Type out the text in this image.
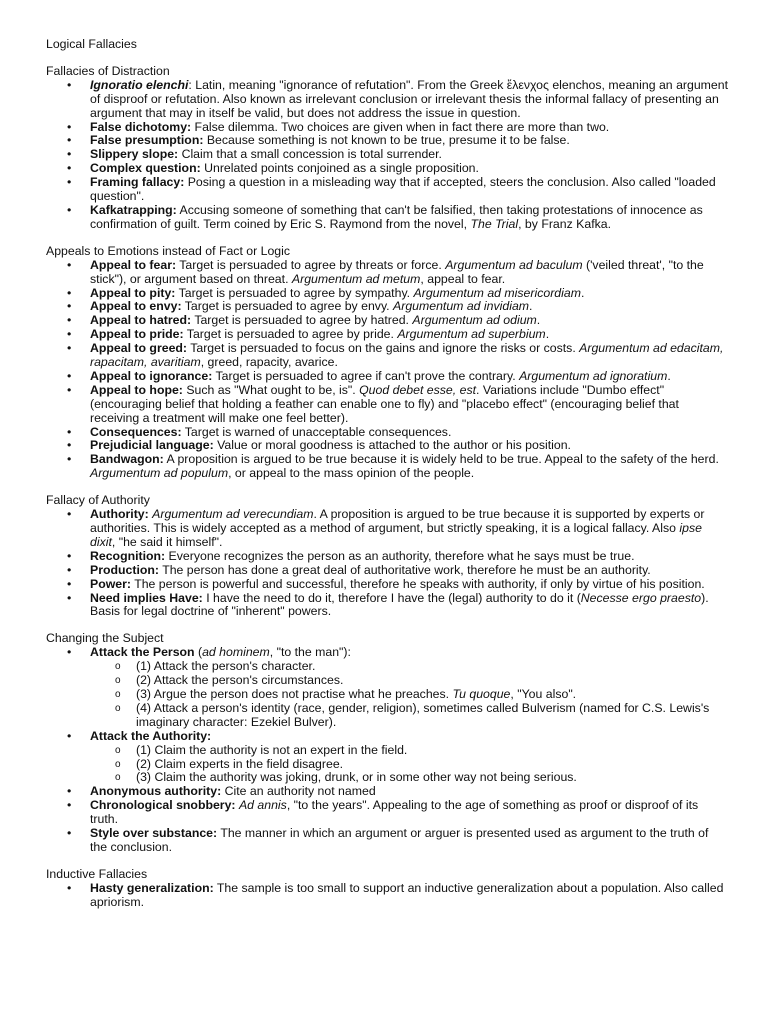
Logical Fallacies
Fallacies of Distraction
• Ignoratio elenchi: Latin, meaning "ignorance of refutation". From the Greek ἔλενχος elenchos, meaning an argument of disproof or refutation. Also known as irrelevant conclusion or irrelevant thesis the informal fallacy of presenting an argument that may in itself be valid, but does not address the issue in question.
• False dichotomy: False dilemma. Two choices are given when in fact there are more than two.
• False presumption: Because something is not known to be true, presume it to be false.
• Slippery slope: Claim that a small concession is total surrender.
• Complex question: Unrelated points conjoined as a single proposition.
• Framing fallacy: Posing a question in a misleading way that if accepted, steers the conclusion. Also called "loaded question".
• Kafkatrapping: Accusing someone of something that can't be falsified, then taking protestations of innocence as confirmation of guilt. Term coined by Eric S. Raymond from the novel, The Trial, by Franz Kafka.
Appeals to Emotions instead of Fact or Logic
• Appeal to fear: Target is persuaded to agree by threats or force. Argumentum ad baculum ('veiled threat', "to the stick"), or argument based on threat. Argumentum ad metum, appeal to fear.
• Appeal to pity: Target is persuaded to agree by sympathy. Argumentum ad misericordiam.
• Appeal to envy: Target is persuaded to agree by envy. Argumentum ad invidiam.
• Appeal to hatred: Target is persuaded to agree by hatred. Argumentum ad odium.
• Appeal to pride: Target is persuaded to agree by pride. Argumentum ad superbium.
• Appeal to greed: Target is persuaded to focus on the gains and ignore the risks or costs. Argumentum ad edacitam, rapacitam, avaritiam, greed, rapacity, avarice.
• Appeal to ignorance: Target is persuaded to agree if can't prove the contrary. Argumentum ad ignoratium.
• Appeal to hope: Such as "What ought to be, is". Quod debet esse, est. Variations include "Dumbo effect" (encouraging belief that holding a feather can enable one to fly) and "placebo effect" (encouraging belief that receiving a treatment will make one feel better).
• Consequences: Target is warned of unacceptable consequences.
• Prejudicial language: Value or moral goodness is attached to the author or his position.
• Bandwagon: A proposition is argued to be true because it is widely held to be true. Appeal to the safety of the herd. Argumentum ad populum, or appeal to the mass opinion of the people.
Fallacy of Authority
• Authority: Argumentum ad verecundiam. A proposition is argued to be true because it is supported by experts or authorities. This is widely accepted as a method of argument, but strictly speaking, it is a logical fallacy. Also ipse dixit, "he said it himself".
• Recognition: Everyone recognizes the person as an authority, therefore what he says must be true.
• Production: The person has done a great deal of authoritative work, therefore he must be an authority.
• Power: The person is powerful and successful, therefore he speaks with authority, if only by virtue of his position.
• Need implies Have: I have the need to do it, therefore I have the (legal) authority to do it (Necesse ergo praesto). Basis for legal doctrine of "inherent" powers.
Changing the Subject
• Attack the Person (ad hominem, "to the man"):
o (1) Attack the person's character.
o (2) Attack the person's circumstances.
o (3) Argue the person does not practise what he preaches. Tu quoque, "You also".
o (4) Attack a person's identity (race, gender, religion), sometimes called Bulverism (named for C.S. Lewis's imaginary character: Ezekiel Bulver).
• Attack the Authority:
o (1) Claim the authority is not an expert in the field.
o (2) Claim experts in the field disagree.
o (3) Claim the authority was joking, drunk, or in some other way not being serious.
• Anonymous authority: Cite an authority not named
• Chronological snobbery: Ad annis, "to the years". Appealing to the age of something as proof or disproof of its truth.
• Style over substance: The manner in which an argument or arguer is presented used as argument to the truth of the conclusion.
Inductive Fallacies
• Hasty generalization: The sample is too small to support an inductive generalization about a population. Also called apriorism.
